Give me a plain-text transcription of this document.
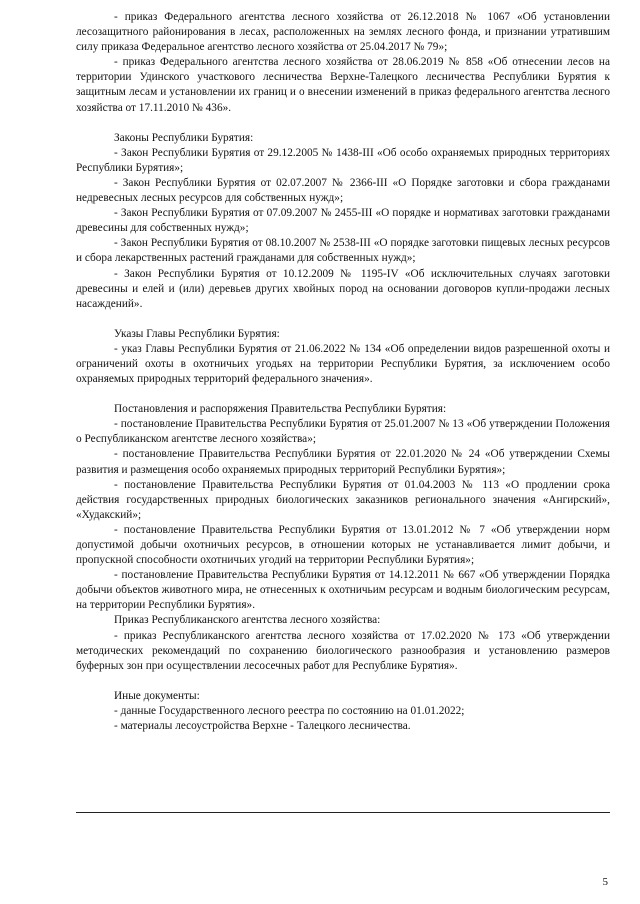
- приказ Федерального агентства лесного хозяйства от 26.12.2018 № 1067 «Об установлении лесозащитного районирования в лесах, расположенных на землях лесного фонда, и признании утратившим силу приказа Федеральное агентство лесного хозяйства от 25.04.2017 № 79»;

- приказ Федерального агентства лесного хозяйства от 28.06.2019 № 858 «Об отнесении лесов на территории Удинского участкового лесничества Верхне-Талецкого лесничества Республики Бурятия к защитным лесам и установлении их границ и о внесении изменений в приказ федерального агентства лесного хозяйства от 17.11.2010 № 436».

Законы Республики Бурятия:

- Закон Республики Бурятия от 29.12.2005 № 1438-III «Об особо охраняемых природных территориях Республики Бурятия»;

- Закон Республики Бурятия от 02.07.2007 № 2366-III «О Порядке заготовки и сбора гражданами недревесных лесных ресурсов для собственных нужд»;

- Закон Республики Бурятия от 07.09.2007 № 2455-III «О порядке и нормативах заготовки гражданами древесины для собственных нужд»;

- Закон Республики Бурятия от 08.10.2007 № 2538-III «О порядке заготовки пищевых лесных ресурсов и сбора лекарственных растений гражданами для собственных нужд»;

- Закон Республики Бурятия от 10.12.2009 № 1195-IV «Об исключительных случаях заготовки древесины и елей и (или) деревьев других хвойных пород на основании договоров купли-продажи лесных насаждений».

Указы Главы Республики Бурятия:

- указ Главы Республики Бурятия от 21.06.2022 № 134 «Об определении видов разрешенной охоты и ограничений охоты в охотничьих угодьях на территории Республики Бурятия, за исключением особо охраняемых природных территорий федерального значения».

Постановления и распоряжения Правительства Республики Бурятия:

- постановление Правительства Республики Бурятия от 25.01.2007 № 13 «Об утверждении Положения о Республиканском агентстве лесного хозяйства»;

- постановление Правительства Республики Бурятия от 22.01.2020 № 24 «Об утверждении Схемы развития и размещения особо охраняемых природных территорий Республики Бурятия»;

- постановление Правительства Республики Бурятия от 01.04.2003 № 113 «О продлении срока действия государственных природных биологических заказников регионального значения «Ангирский», «Худакский»;

- постановление Правительства Республики Бурятия от 13.01.2012 № 7 «Об утверждении норм допустимой добычи охотничьих ресурсов, в отношении которых не устанавливается лимит добычи, и пропускной способности охотничьих угодий на территории Республики Бурятия»;

- постановление Правительства Республики Бурятия от 14.12.2011 № 667 «Об утверждении Порядка добычи объектов животного мира, не отнесенных к охотничьим ресурсам и водным биологическим ресурсам, на территории Республики Бурятия».

Приказ Республиканского агентства лесного хозяйства:

- приказ Республиканского агентства лесного хозяйства от 17.02.2020 № 173 «Об утверждении методических рекомендаций по сохранению биологического разнообразия и установлению размеров буферных зон при осуществлении лесосечных работ для Республике Бурятия».

Иные документы:

- данные Государственного лесного реестра по состоянию на 01.01.2022;

- материалы лесоустройства Верхне - Талецкого лесничества.

5
